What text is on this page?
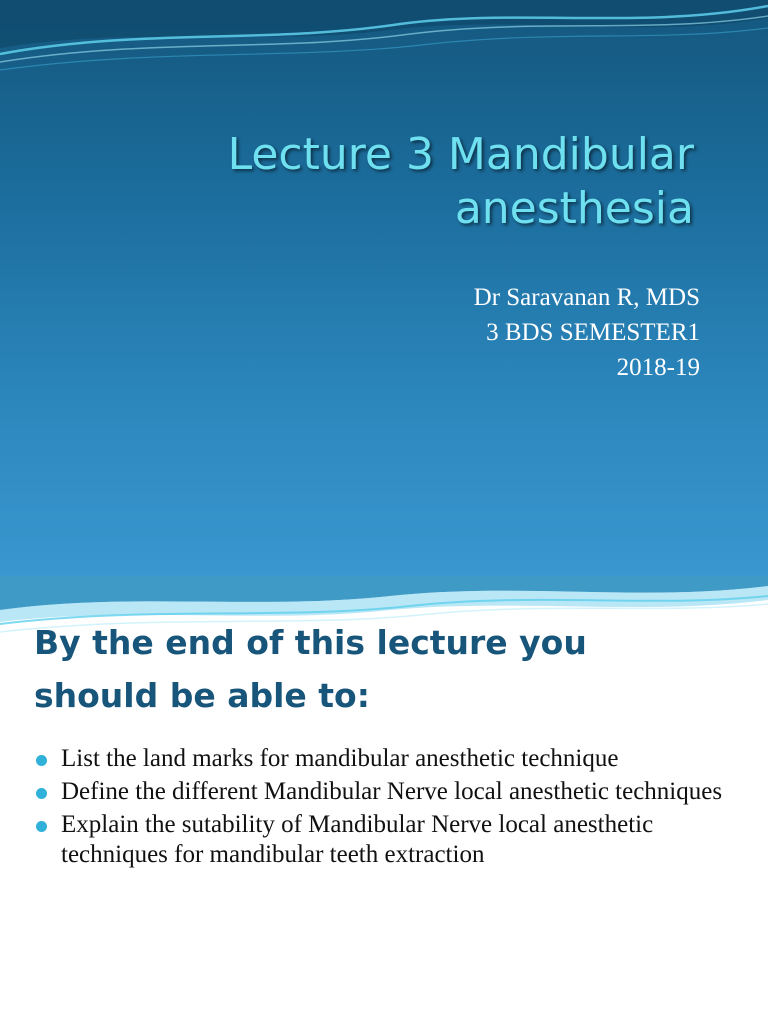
Lecture 3 Mandibular
anesthesia
Dr Saravanan R, MDS
3 BDS SEMESTER1
2018-19
By the end of this lecture you
should be able to:
List the land marks for mandibular anesthetic technique
Define the different Mandibular Nerve local anesthetic techniques
Explain the sutability of Mandibular Nerve local anesthetic techniques for mandibular teeth extraction
